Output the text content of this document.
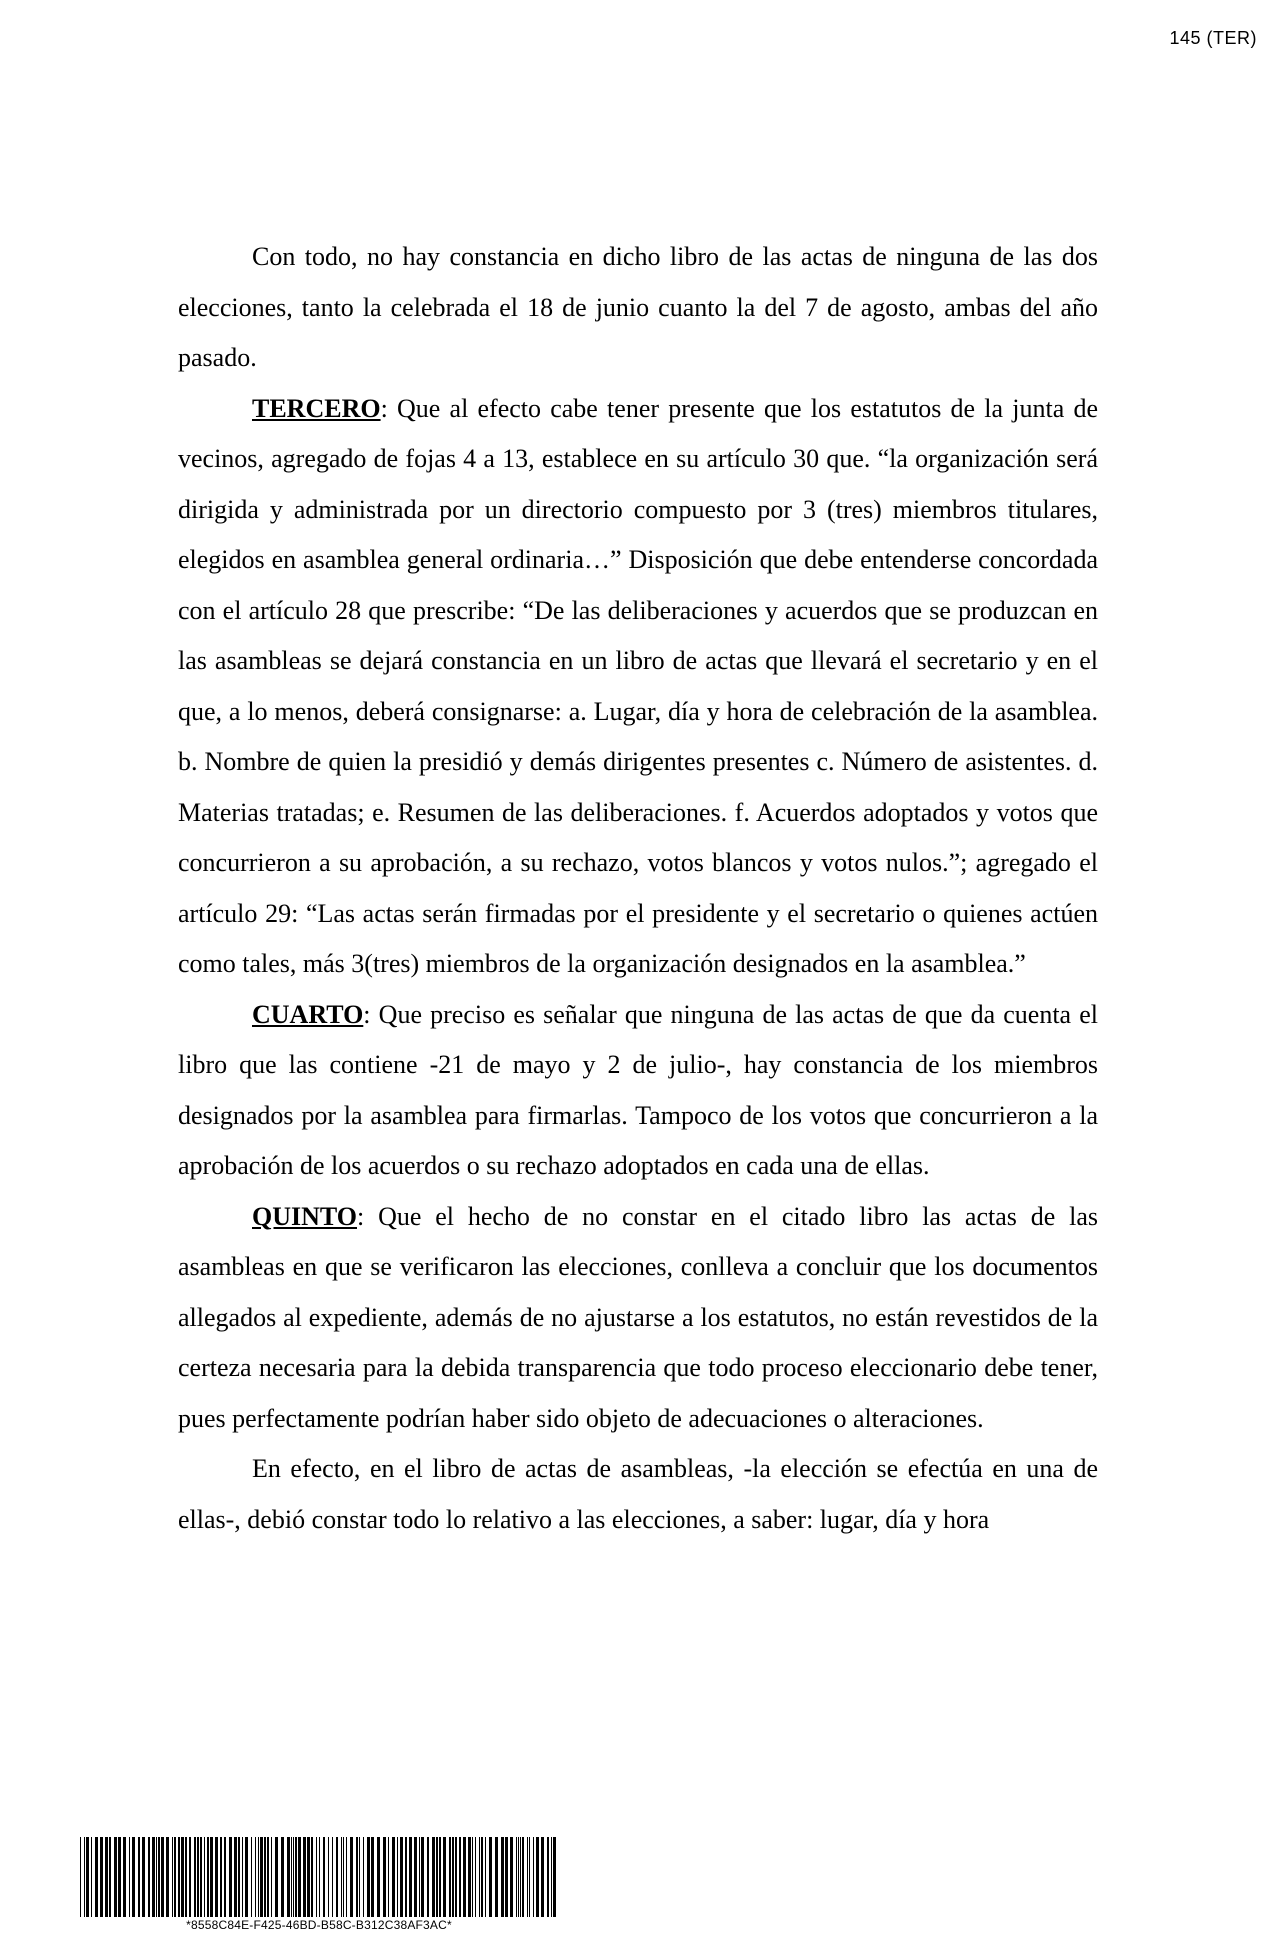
145 (TER)

Con todo, no hay constancia en dicho libro de las actas de ninguna de las dos elecciones, tanto la celebrada el 18 de junio cuanto la del 7 de agosto, ambas del año pasado.

TERCERO: Que al efecto cabe tener presente que los estatutos de la junta de vecinos, agregado de fojas 4 a 13, establece en su artículo 30 que. “la organización será dirigida y administrada por un directorio compuesto por 3 (tres) miembros titulares, elegidos en asamblea general ordinaria…” Disposición que debe entenderse concordada con el artículo 28 que prescribe: “De las deliberaciones y acuerdos que se produzcan en las asambleas se dejará constancia en un libro de actas que llevará el secretario y en el que, a lo menos, deberá consignarse: a. Lugar, día y hora de celebración de la asamblea. b. Nombre de quien la presidió y demás dirigentes presentes c. Número de asistentes. d. Materias tratadas; e. Resumen de las deliberaciones. f. Acuerdos adoptados y votos que concurrieron a su aprobación, a su rechazo, votos blancos y votos nulos.”; agregado el artículo 29: “Las actas serán firmadas por el presidente y el secretario o quienes actúen como tales, más 3(tres) miembros de la organización designados en la asamblea.”

CUARTO: Que preciso es señalar que ninguna de las actas de que da cuenta el libro que las contiene -21 de mayo y 2 de julio-, hay constancia de los miembros designados por la asamblea para firmarlas. Tampoco de los votos que concurrieron a la aprobación de los acuerdos o su rechazo adoptados en cada una de ellas.

QUINTO: Que el hecho de no constar en el citado libro las actas de las asambleas en que se verificaron las elecciones, conlleva a concluir que los documentos allegados al expediente, además de no ajustarse a los estatutos, no están revestidos de la certeza necesaria para la debida transparencia que todo proceso eleccionario debe tener, pues perfectamente podrían haber sido objeto de adecuaciones o alteraciones.

En efecto, en el libro de actas de asambleas, -la elección se efectúa en una de ellas-, debió constar todo lo relativo a las elecciones, a saber: lugar, día y hora

*8558C84E-F425-46BD-B58C-B312C38AF3AC*
